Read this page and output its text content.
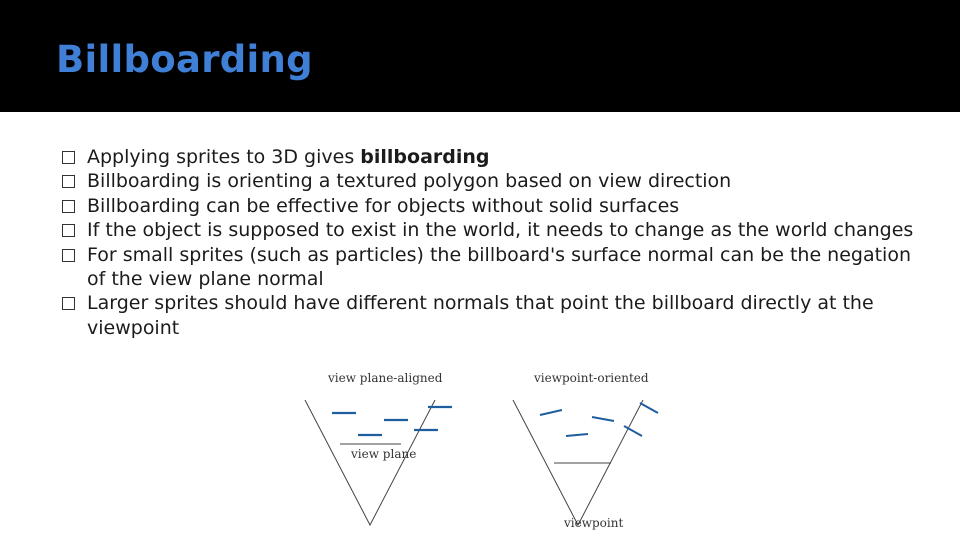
Billboarding
Applying sprites to 3D gives billboarding
Billboarding is orienting a textured polygon based on view direction
Billboarding can be effective for objects without solid surfaces
If the object is supposed to exist in the world, it needs to change as the world changes
For small sprites (such as particles) the billboard's surface normal can be the negation of the view plane normal
Larger sprites should have different normals that point the billboard directly at the viewpoint
view plane-aligned
view plane
viewpoint-oriented
viewpoint
